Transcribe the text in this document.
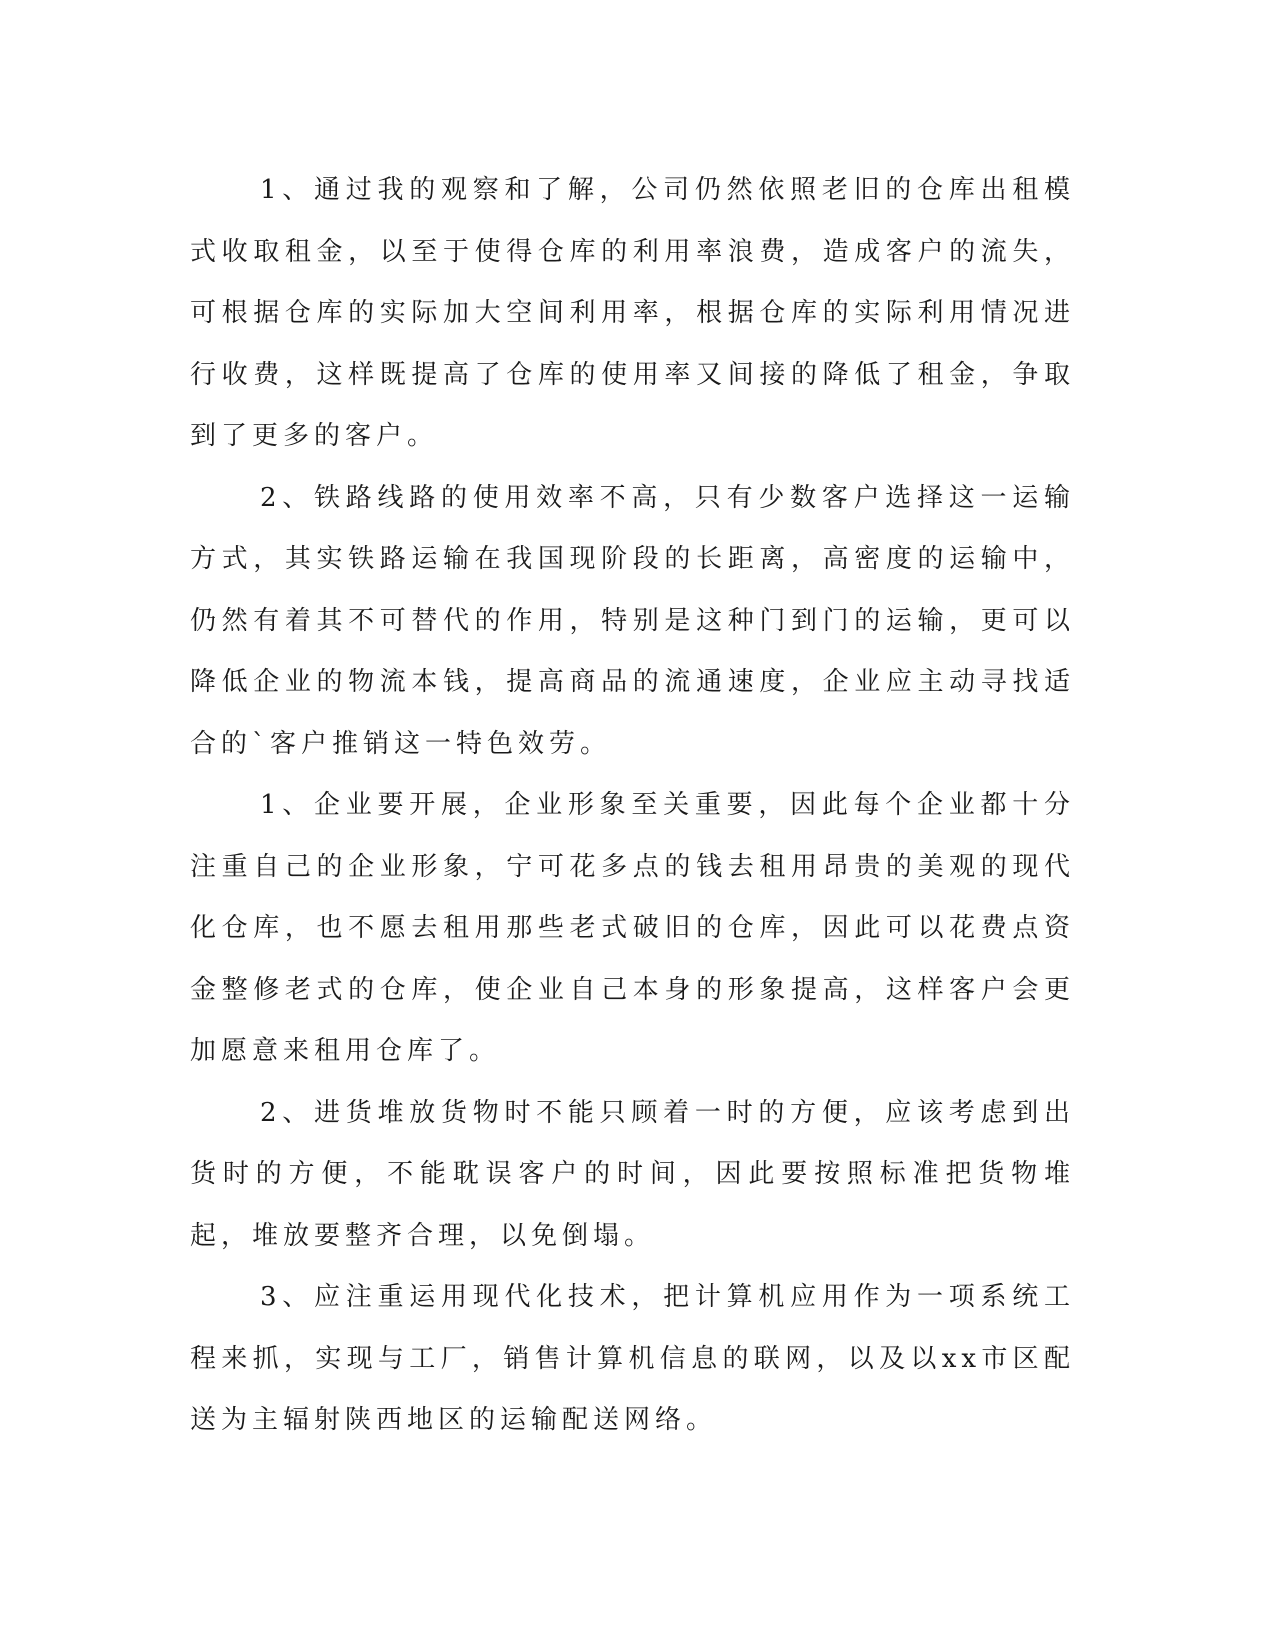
1、通过我的观察和了解，公司仍然依照老旧的仓库出租模式收取租金，以至于使得仓库的利用率浪费，造成客户的流失，可根据仓库的实际加大空间利用率，根据仓库的实际利用情况进行收费，这样既提高了仓库的使用率又间接的降低了租金，争取到了更多的客户。

2、铁路线路的使用效率不高，只有少数客户选择这一运输方式，其实铁路运输在我国现阶段的长距离，高密度的运输中，仍然有着其不可替代的作用，特别是这种门到门的运输，更可以降低企业的物流本钱，提高商品的流通速度，企业应主动寻找适合的`客户推销这一特色效劳。

1、企业要开展，企业形象至关重要，因此每个企业都十分注重自己的企业形象，宁可花多点的钱去租用昂贵的美观的现代化仓库，也不愿去租用那些老式破旧的仓库，因此可以花费点资金整修老式的仓库，使企业自己本身的形象提高，这样客户会更加愿意来租用仓库了。

2、进货堆放货物时不能只顾着一时的方便，应该考虑到出货时的方便，不能耽误客户的时间，因此要按照标准把货物堆起，堆放要整齐合理，以免倒塌。

3、应注重运用现代化技术，把计算机应用作为一项系统工程来抓，实现与工厂，销售计算机信息的联网，以及以xx市区配送为主辐射陕西地区的运输配送网络。
